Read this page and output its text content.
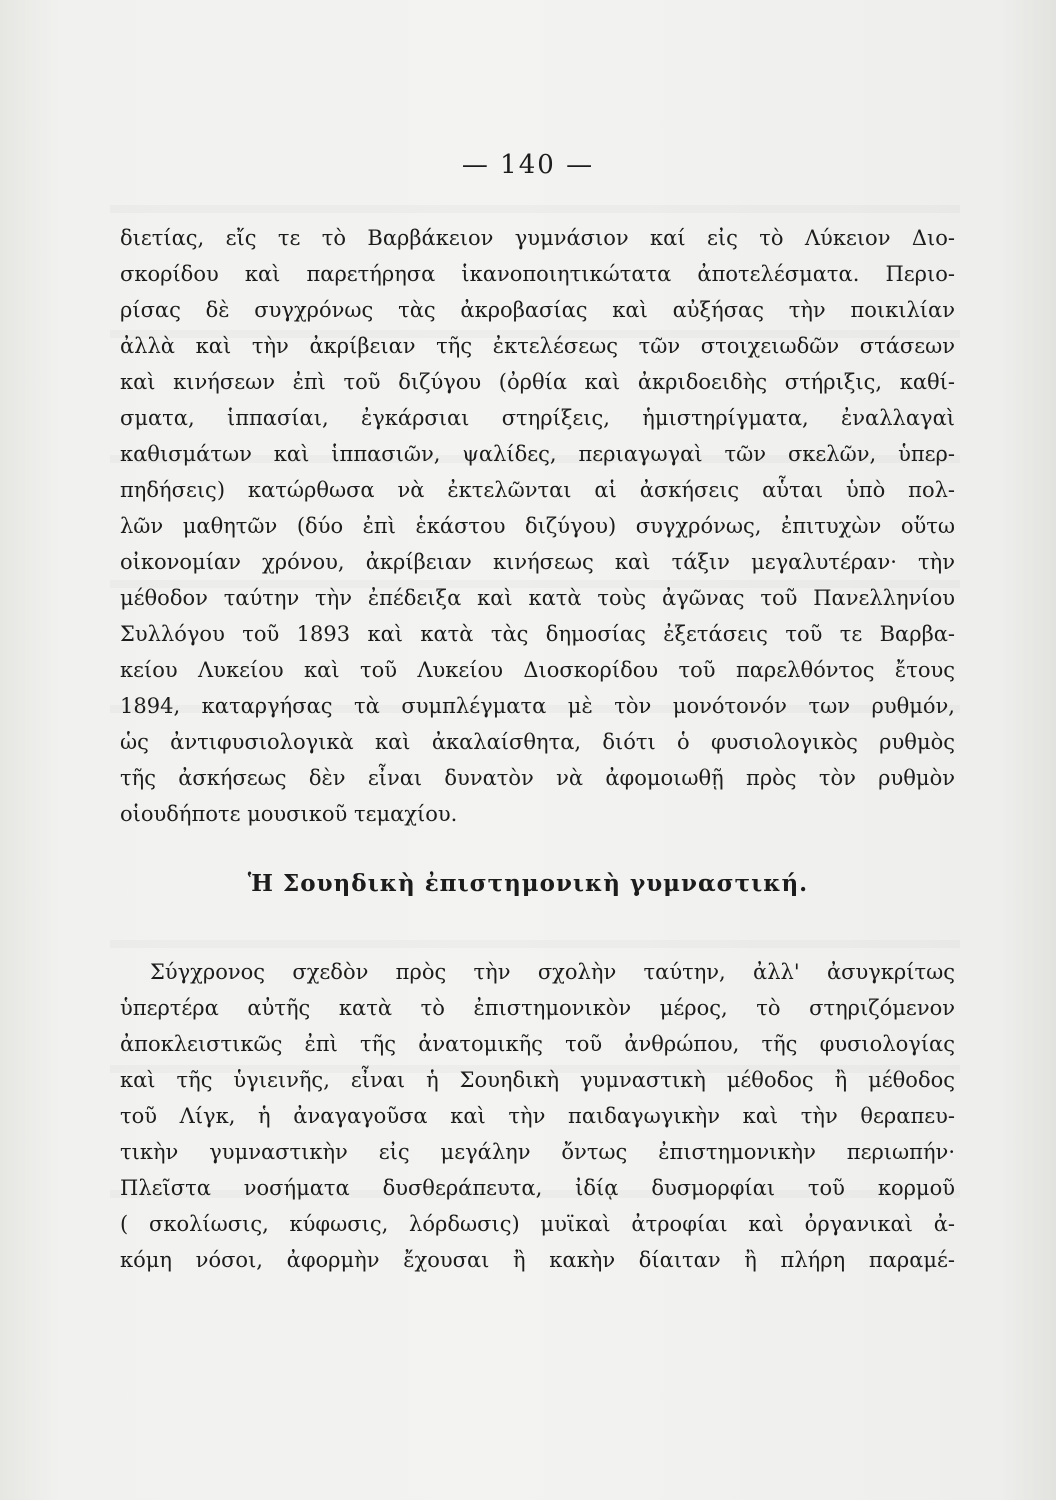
— 140 —
διετίας, εἴς τε τὸ Βαρβάκειον γυμνάσιον καί εἰς τὸ Λύκειον Διο-
σκορίδου καὶ παρετήρησα ἱκανοποιητικώτατα ἀποτελέσματα. Περιο-
ρίσας δὲ συγχρόνως τὰς ἀκροβασίας καὶ αὐξήσας τὴν ποικιλίαν
ἀλλὰ καὶ τὴν ἀκρίβειαν τῆς ἐκτελέσεως τῶν στοιχειωδῶν στάσεων
καὶ κινήσεων ἐπὶ τοῦ διζύγου (ὀρθία καὶ ἀκριδοειδὴς στήριξις, καθί-
σματα, ἱππασίαι, ἐγκάρσιαι στηρίξεις, ἡμιστηρίγματα, ἐναλλαγαὶ
καθισμάτων καὶ ἱππασιῶν, ψαλίδες, περιαγωγαὶ τῶν σκελῶν, ὑπερ-
πηδήσεις) κατώρθωσα νὰ ἐκτελῶνται αἱ ἀσκήσεις αὗται ὑπὸ πολ-
λῶν μαθητῶν (δύο ἐπὶ ἑκάστου διζύγου) συγχρόνως, ἐπιτυχὼν οὕτω
οἰκονομίαν χρόνου, ἀκρίβειαν κινήσεως καὶ τάξιν μεγαλυτέραν· τὴν
μέθοδον ταύτην τὴν ἐπέδειξα καὶ κατὰ τοὺς ἀγῶνας τοῦ Πανελληνίου
Συλλόγου τοῦ 1893 καὶ κατὰ τὰς δημοσίας ἐξετάσεις τοῦ τε Βαρβα-
κείου Λυκείου καὶ τοῦ Λυκείου Διοσκορίδου τοῦ παρελθόντος ἔτους
1894, καταργήσας τὰ συμπλέγματα μὲ τὸν μονότονόν των ρυθμόν,
ὡς ἀντιφυσιολογικὰ καὶ ἀκαλαίσθητα, διότι ὁ φυσιολογικὸς ρυθμὸς
τῆς ἀσκήσεως δὲν εἶναι δυνατὸν νὰ ἀφομοιωθῇ πρὸς τὸν ρυθμὸν
οἱουδήποτε μουσικοῦ τεμαχίου.
Ἡ Σουηδικὴ ἐπιστημονικὴ γυμναστική.
Σύγχρονος σχεδὸν πρὸς τὴν σχολὴν ταύτην, ἀλλ' ἀσυγκρίτως
ὑπερτέρα αὐτῆς κατὰ τὸ ἐπιστημονικὸν μέρος, τὸ στηριζόμενον
ἀποκλειστικῶς ἐπὶ τῆς ἀνατομικῆς τοῦ ἀνθρώπου, τῆς φυσιολογίας
καὶ τῆς ὑγιεινῆς, εἶναι ἡ Σουηδικὴ γυμναστικὴ μέθοδος ἢ μέθοδος
τοῦ Λίγκ, ἡ ἀναγαγοῦσα καὶ τὴν παιδαγωγικὴν καὶ τὴν θεραπευ-
τικὴν γυμναστικὴν εἰς μεγάλην ὄντως ἐπιστημονικὴν περιωπήν·
Πλεῖστα νοσήματα δυσθεράπευτα, ἰδίᾳ δυσμορφίαι τοῦ κορμοῦ
( σκολίωσις, κύφωσις, λόρδωσις) μυϊκαὶ ἀτροφίαι καὶ ὀργανικαὶ ἀ-
κόμη νόσοι, ἀφορμὴν ἔχουσαι ἢ κακὴν δίαιταν ἢ πλήρη παραμέ-
